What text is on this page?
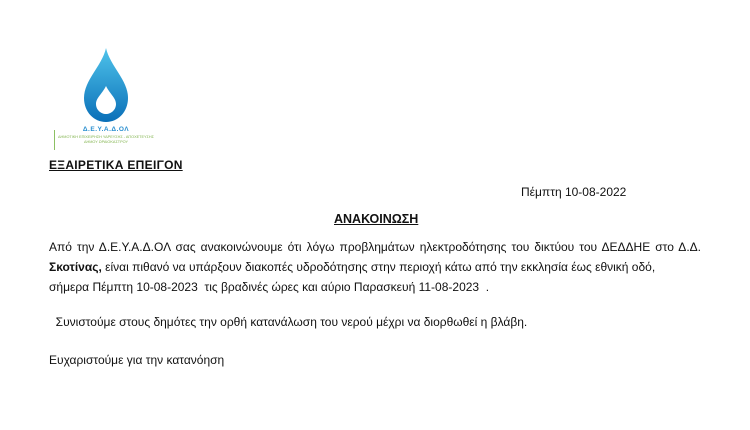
Δ.Ε.Υ.Α.Δ.ΟΛ
ΔΗΜΟΤΙΚΗ ΕΠΙΧΕΙΡΗΣΗ ΥΔΡΕΥΣΗΣ - ΑΠΟΧΕΤΕΥΣΗΣ
ΔΗΜΟΥ ΩΡΑΙΟΚΑΣΤΡΟΥ
ΕΞΑΙΡΕΤΙΚΑ ΕΠΕΙΓΟΝ
Πέμπτη 10-08-2022
ΑΝΑΚΟΙΝΩΣΗ
Από την Δ.Ε.Υ.Α.Δ.ΟΛ σας ανακοινώνουμε ότι λόγω προβλημάτων ηλεκτροδότησης του δικτύου του ΔΕΔΔΗΕ στο Δ.Δ. Σκοτίνας, είναι πιθανό να υπάρξουν διακοπές υδροδότησης στην περιοχή κάτω από την εκκλησία έως εθνική οδό,
σήμερα Πέμπτη 10-08-2023  τις βραδινές ώρες και αύριο Παρασκευή 11-08-2023  .
Συνιστούμε στους δημότες την ορθή κατανάλωση του νερού μέχρι να διορθωθεί η βλάβη.
Ευχαριστούμε για την κατανόηση
